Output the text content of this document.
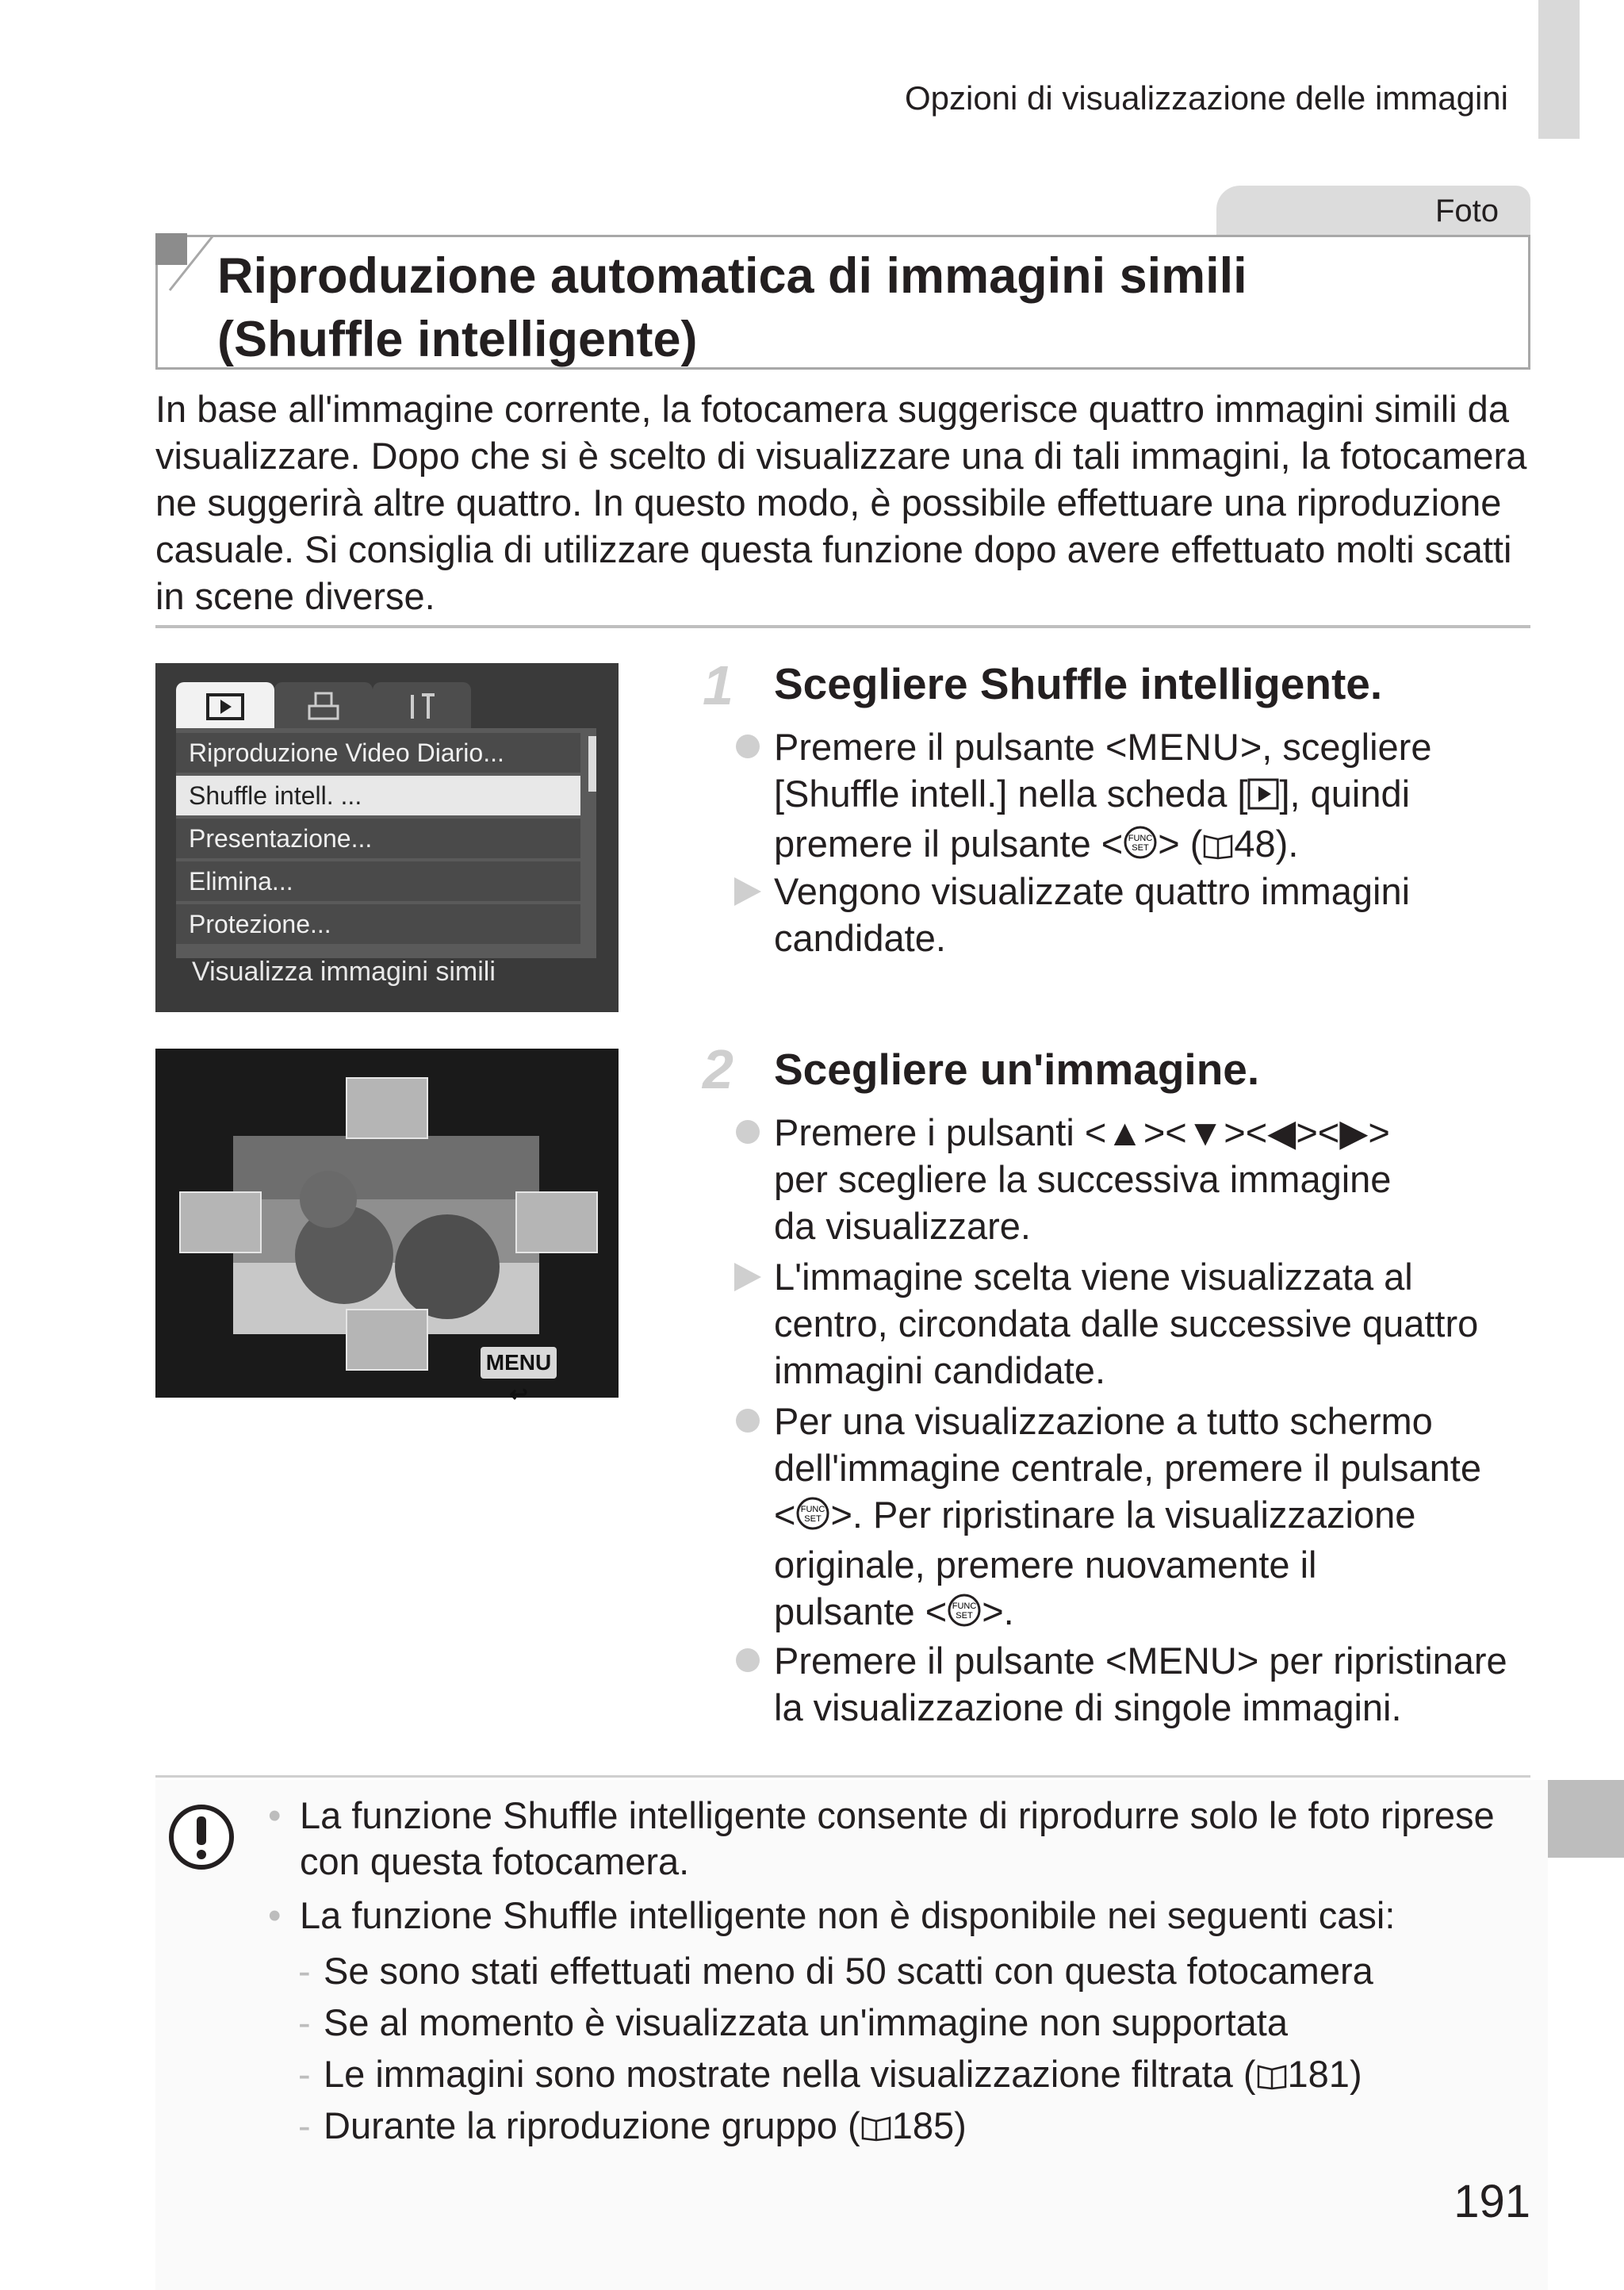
Opzioni di visualizzazione delle immagini
Foto
Riproduzione automatica di immagini simili
(Shuffle intelligente)
In base all'immagine corrente, la fotocamera suggerisce quattro immagini simili da visualizzare. Dopo che si è scelto di visualizzare una di tali immagini, la fotocamera ne suggerirà altre quattro. In questo modo, è possibile effettuare una riproduzione casuale. Si consiglia di utilizzare questa funzione dopo avere effettuato molti scatti in scene diverse.
Riproduzione Video Diario...
Shuffle intell. ...
Presentazione...
Elimina...
Protezione...
Visualizza immagini simili
MENU ↩
1 Scegliere Shuffle intelligente.
Premere il pulsante <MENU>, scegliere [Shuffle intell.] nella scheda [ ], quindi premere il pulsante < FUNC
SET > ( 48).
Vengono visualizzate quattro immagini candidate.
2 Scegliere un'immagine.
Premere i pulsanti <▲><▼><◀><▶>
per scegliere la successiva immagine
da visualizzare.
L'immagine scelta viene visualizzata al centro, circondata dalle successive quattro immagini candidate.
Per una visualizzazione a tutto schermo dell'immagine centrale, premere il pulsante
< FUNC
SET >. Per ripristinare la visualizzazione originale, premere nuovamente il
pulsante < FUNC
SET >.
Premere il pulsante <MENU> per ripristinare la visualizzazione di singole immagini.
• La funzione Shuffle intelligente consente di riprodurre solo le foto riprese con questa fotocamera.
• La funzione Shuffle intelligente non è disponibile nei seguenti casi:
- Se sono stati effettuati meno di 50 scatti con questa fotocamera
- Se al momento è visualizzata un'immagine non supportata
- Le immagini sono mostrate nella visualizzazione filtrata ( 181)
- Durante la riproduzione gruppo ( 185)
191
